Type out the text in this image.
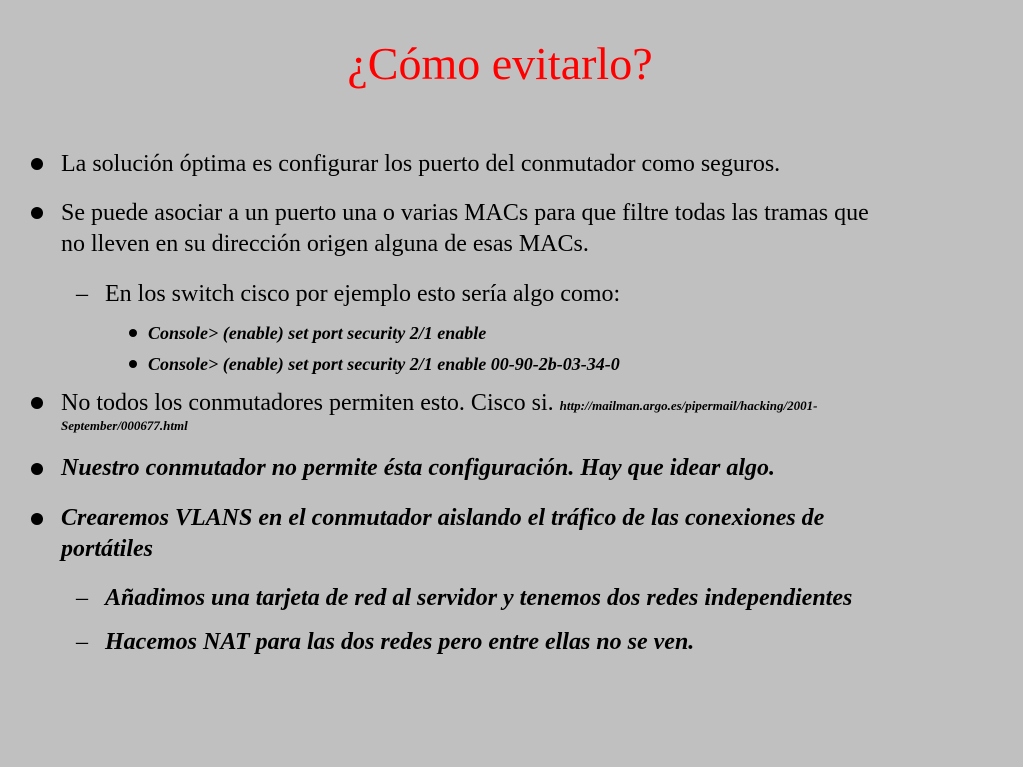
¿Cómo evitarlo?
La solución óptima es configurar los puerto del conmutador como seguros.
Se puede asociar a un puerto una o varias MACs para que filtre todas las tramas que
no lleven en su dirección origen alguna de esas MACs.
– En los switch cisco por ejemplo esto sería algo como:
Console> (enable) set port security 2/1 enable
Console> (enable) set port security 2/1 enable 00-90-2b-03-34-0
No todos los conmutadores permiten esto. Cisco si. http://mailman.argo.es/pipermail/hacking/2001-
September/000677.html
Nuestro conmutador no permite ésta configuración. Hay que idear algo.
Crearemos VLANS en el conmutador aislando el tráfico de las conexiones de
portátiles
– Añadimos una tarjeta de red al servidor y tenemos dos redes independientes
– Hacemos NAT para las dos redes pero entre ellas no se ven.
